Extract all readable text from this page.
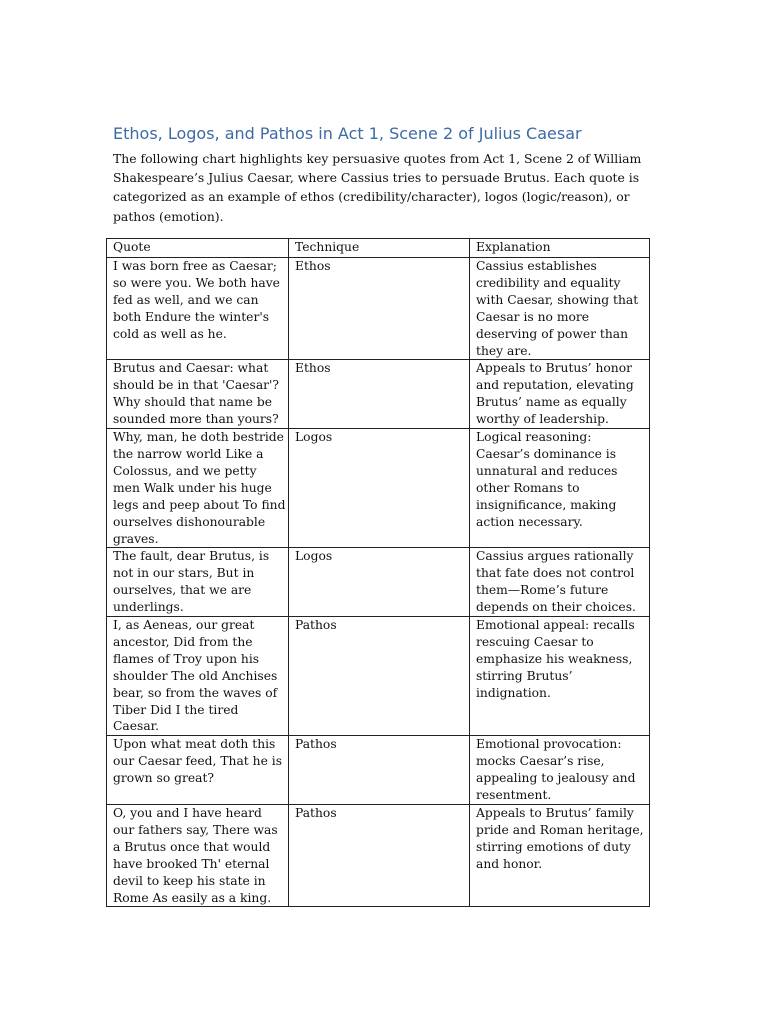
Ethos, Logos, and Pathos in Act 1, Scene 2 of Julius Caesar

The following chart highlights key persuasive quotes from Act 1, Scene 2 of William Shakespeare’s Julius Caesar, where Cassius tries to persuade Brutus. Each quote is categorized as an example of ethos (credibility/character), logos (logic/reason), or pathos (emotion).

Quote	Technique	Explanation
I was born free as Caesar; so were you. We both have fed as well, and we can both Endure the winter's cold as well as he.	Ethos	Cassius establishes credibility and equality with Caesar, showing that Caesar is no more deserving of power than they are.
Brutus and Caesar: what should be in that 'Caesar'? Why should that name be sounded more than yours?	Ethos	Appeals to Brutus’ honor and reputation, elevating Brutus’ name as equally worthy of leadership.
Why, man, he doth bestride the narrow world Like a Colossus, and we petty men Walk under his huge legs and peep about To find ourselves dishonourable graves.	Logos	Logical reasoning: Caesar’s dominance is unnatural and reduces other Romans to insignificance, making action necessary.
The fault, dear Brutus, is not in our stars, But in ourselves, that we are underlings.	Logos	Cassius argues rationally that fate does not control them—Rome’s future depends on their choices.
I, as Aeneas, our great ancestor, Did from the flames of Troy upon his shoulder The old Anchises bear, so from the waves of Tiber Did I the tired Caesar.	Pathos	Emotional appeal: recalls rescuing Caesar to emphasize his weakness, stirring Brutus’ indignation.
Upon what meat doth this our Caesar feed, That he is grown so great?	Pathos	Emotional provocation: mocks Caesar’s rise, appealing to jealousy and resentment.
O, you and I have heard our fathers say, There was a Brutus once that would have brooked Th' eternal devil to keep his state in Rome As easily as a king.	Pathos	Appeals to Brutus’ family pride and Roman heritage, stirring emotions of duty and honor.
